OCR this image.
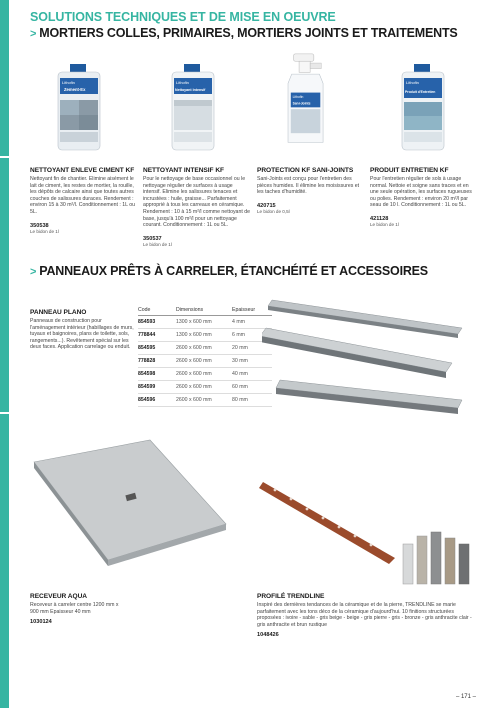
SOLUTIONS TECHNIQUES ET DE MISE EN OEUVRE
> MORTIERS COLLES, PRIMAIRES, MORTIERS JOINTS ET TRAITEMENTS
Lithofin
Zement-Ex
Lithofin
Nettoyant Intensif
Lithofin
Sani-Joints
Lithofin
Produit d'Entretien
NETTOYANT ENLEVE CIMENT KF
Nettoyant fin de chantier. Elimine aisément le lait de ciment, les restes de mortier, la rouille, les dépôts de calcaire ainsi que toutes autres couches de salissures duraces. Rendement : environ 15 à 30 m²/l. Conditionnement : 1L ou 5L.
350538
Le bidon de 1l
NETTOYANT INTENSIF KF
Pour le nettoyage de base occasionnel ou le nettoyage régulier de surfaces à usage intensif. Elimine les salissures tenaces et incrustées : huile, graisse... Parfaitement approprié à tous les carreaux en céramique. Rendement : 10 à 15 m²/l comme nettoyant de base, jusqu'à 100 m²/l pour un nettoyage courant. Conditionnement : 1L ou 5L.
350537
Le bidon de 1l
PROTECTION KF SANI-JOINTS
Sani-Joints est conçu pour l'entretien des pièces humides. Il élimine les moisissures et les taches d'humidité.
420715
Le bidon de 0,5l
PRODUIT ENTRETIEN KF
Pour l'entretien régulier de sols à usage normal. Nettoie et soigne sans traces et en une seule opération, les surfaces rugueuses ou polies. Rendement : environ 20 m²/l par seau de 10 l. Conditionnement : 1L ou 5L.
421128
Le bidon de 1l
> PANNEAUX PRÊTS À CARRELER, ÉTANCHÉITÉ ET ACCESSOIRES
PANNEAU PLANO
Panneaux de construction pour l'aménagement intérieur (habillages de murs, tuyaux et baignoires, plans de toilette, sols, rangements...). Revêtement spécial sur les deux faces. Application carrelage ou enduit.
Code	Dimensions	Epaisseur
854593	1300 x 600 mm	4 mm
778844	1300 x 600 mm	6 mm
854595	2600 x 600 mm	20 mm
778828	2600 x 600 mm	30 mm
854598	2600 x 600 mm	40 mm
854599	2600 x 600 mm	60 mm
854596	2600 x 600 mm	80 mm
RECEVEUR AQUA
Receveur à carreler centre 1200 mm x 900 mm Epaisseur 40 mm
1030124
PROFILÉ TRENDLINE
Inspiré des dernières tendances de la céramique et de la pierre, TRENDLINE se marie parfaitement avec les tons déco de la céramique d'aujourd'hui. 10 finitions structurées proposées : ivoire - sable - gris beige - beige - gris pierre - gris - bronze - gris anthracite clair - gris anthracite et brun rustique
1048426
– 171 –
